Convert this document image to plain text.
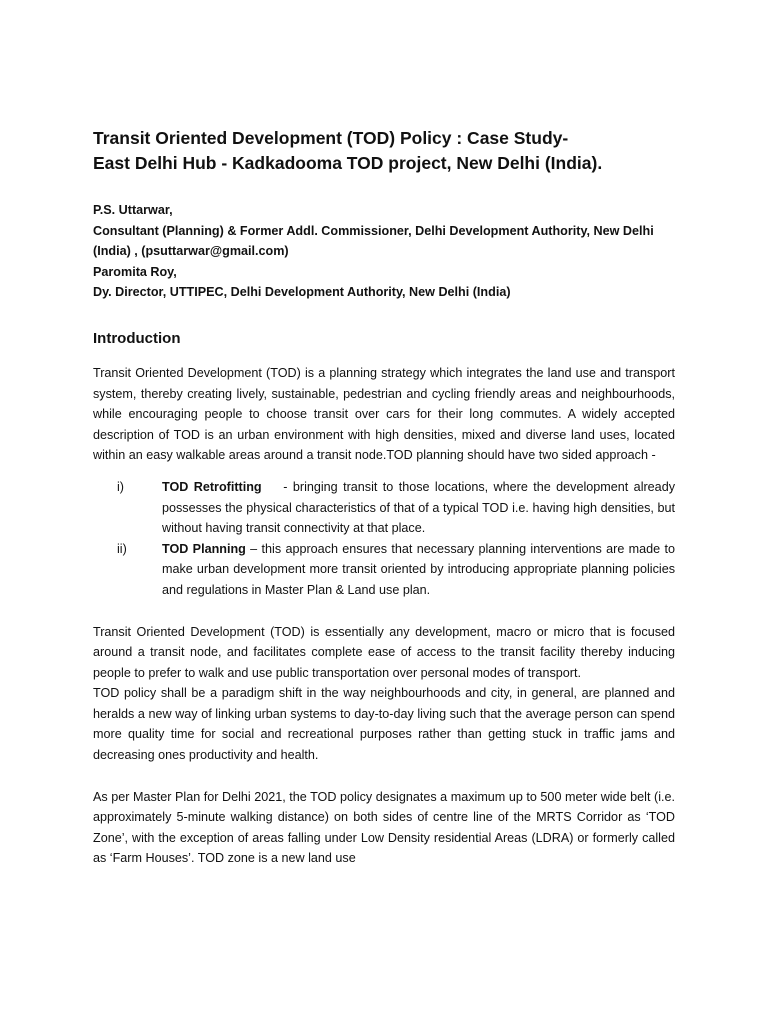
Transit Oriented Development (TOD) Policy : Case Study-
East Delhi Hub - Kadkadooma TOD project, New Delhi (India).
P.S. Uttarwar,
Consultant (Planning) & Former Addl. Commissioner, Delhi Development Authority, New Delhi (India) , (psuttarwar@gmail.com)
Paromita Roy,
Dy. Director, UTTIPEC, Delhi Development Authority, New Delhi (India)
Introduction

Transit Oriented Development (TOD) is a planning strategy which integrates the land use and transport system, thereby creating lively, sustainable, pedestrian and cycling friendly areas and neighbourhoods, while encouraging people to choose transit over cars for their long commutes. A widely accepted description of TOD is an urban environment with high densities, mixed and diverse land uses, located within an easy walkable areas around a transit node.TOD planning should have two sided approach -

i)	TOD Retrofitting    - bringing transit to those locations, where the development already possesses the physical characteristics of that of a typical TOD i.e. having high densities, but without having transit connectivity at that place.
ii)	TOD Planning – this approach ensures that necessary planning interventions are made to make urban development more transit oriented by introducing appropriate planning policies and regulations in Master Plan & Land use plan.

Transit Oriented Development (TOD) is essentially any development, macro or micro that is focused around a transit node, and facilitates complete ease of access to the transit facility thereby inducing people to prefer to walk and use public transportation over personal modes of transport.

TOD policy shall be a paradigm shift in the way neighbourhoods and city, in general, are planned and heralds a new way of linking urban systems to day-to-day living such that the average person can spend more quality time for social and recreational purposes rather than getting stuck in traffic jams and decreasing ones productivity and health.

As per Master Plan for Delhi 2021, the TOD policy designates a maximum up to 500 meter wide belt (i.e. approximately 5-minute walking distance) on both sides of centre line of the MRTS Corridor as ‘TOD Zone’, with the exception of areas falling under Low Density residential Areas (LDRA) or formerly called as ‘Farm Houses’. TOD zone is a new land use
